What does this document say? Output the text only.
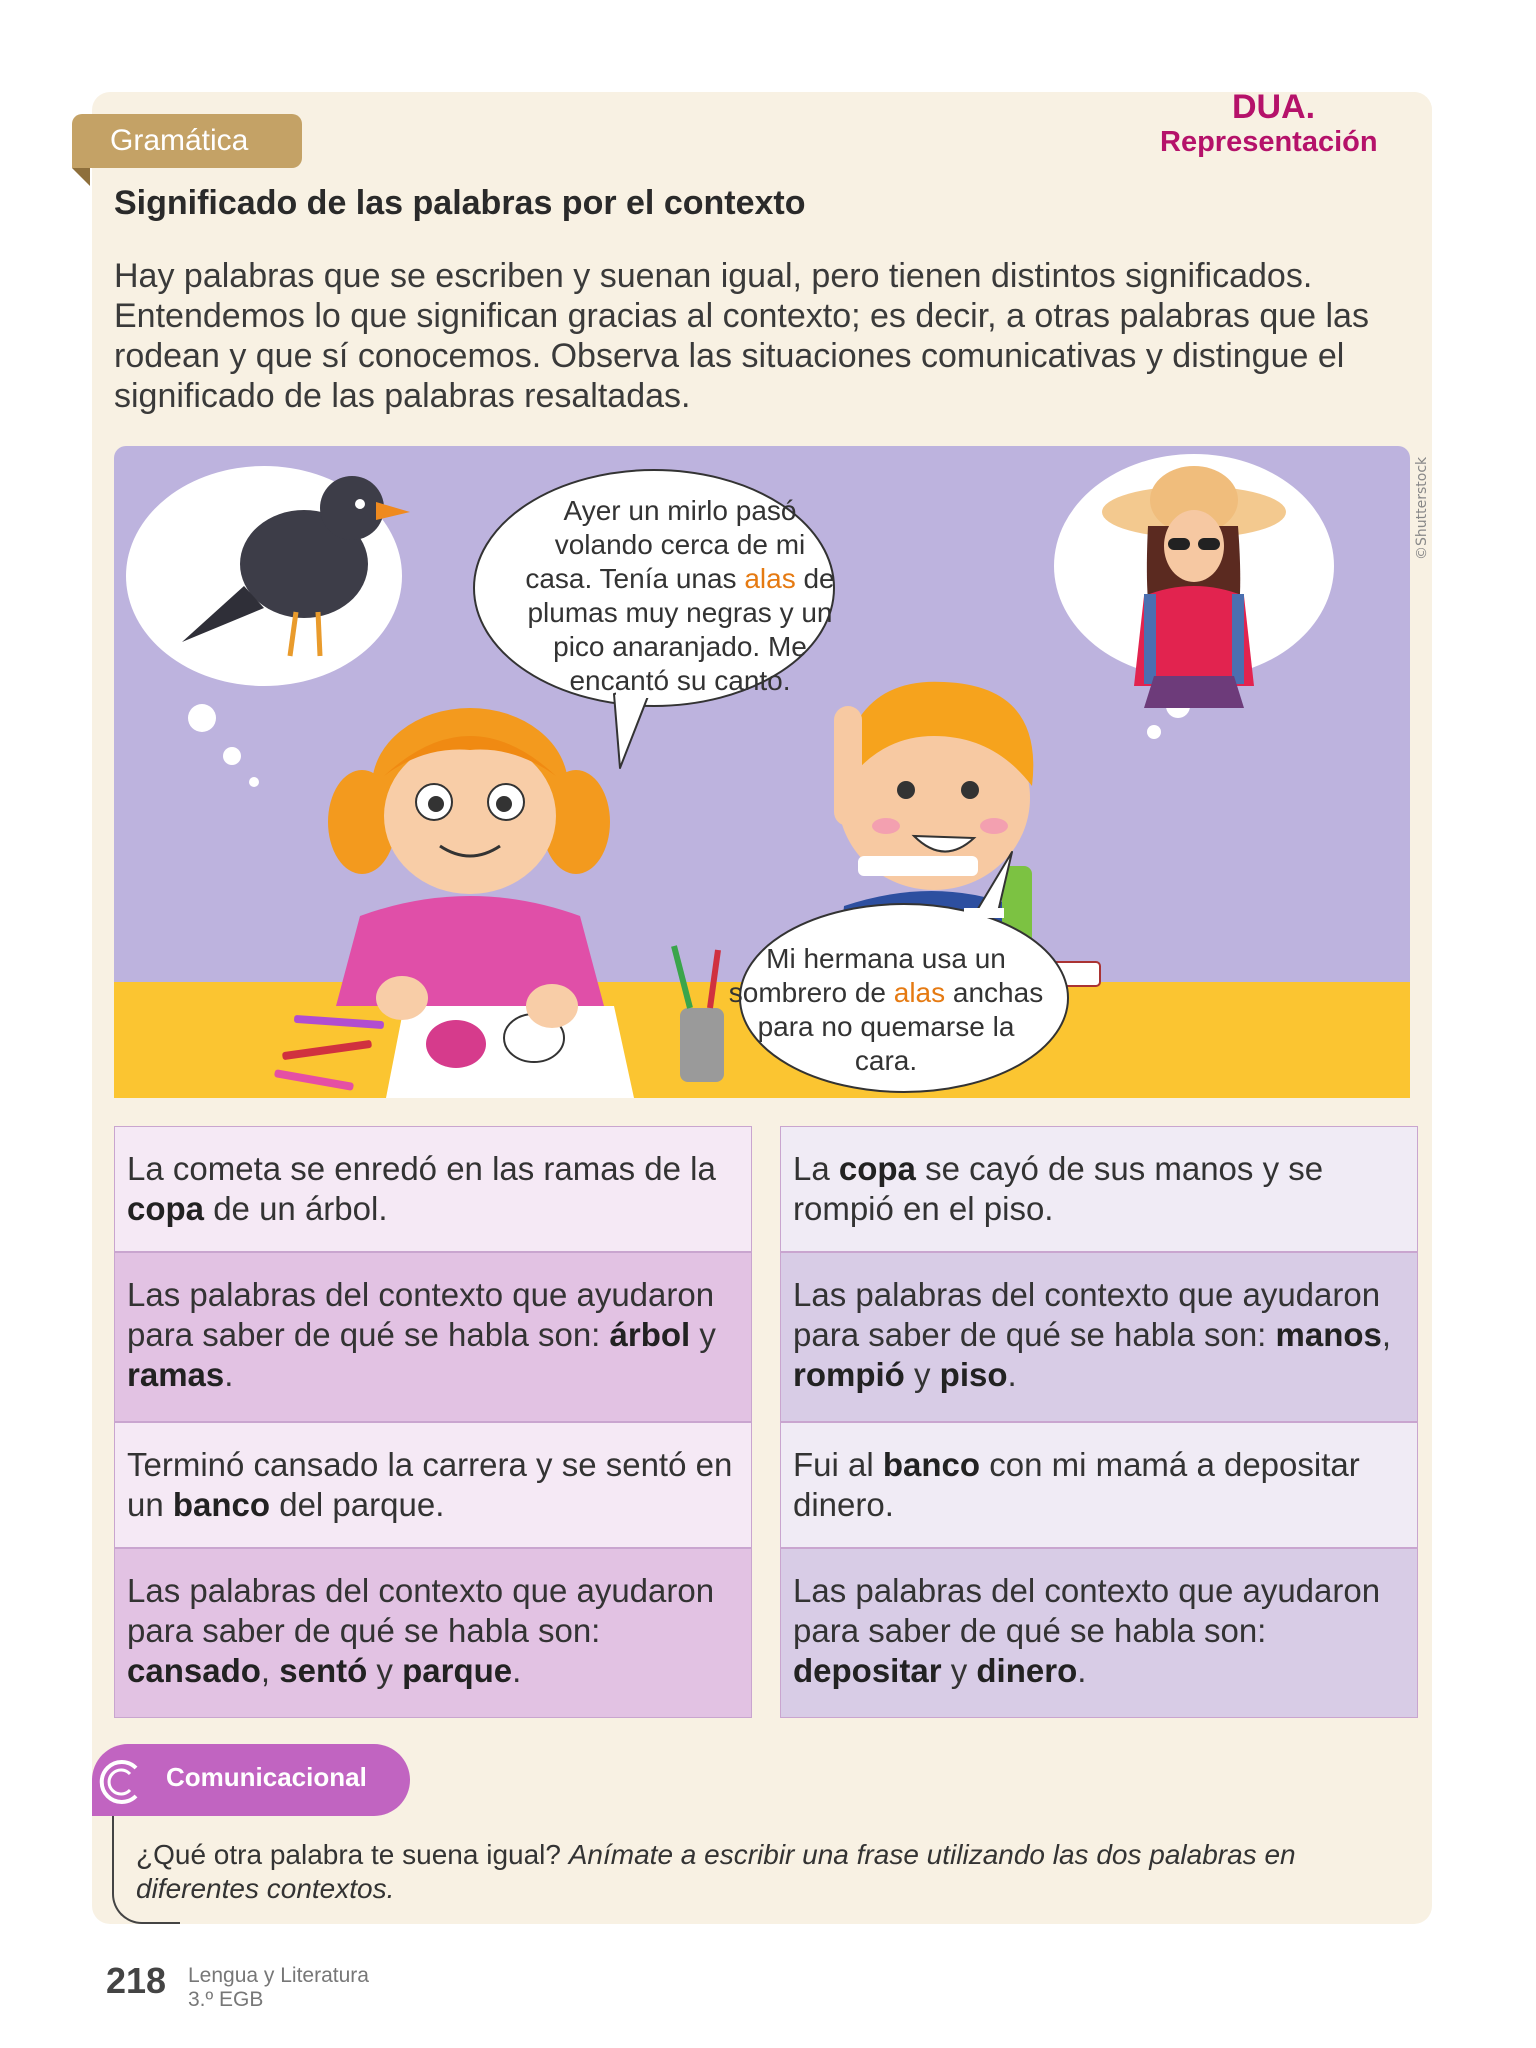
Gramática
DUA.
Representación
Significado de las palabras por el contexto
Hay palabras que se escriben y suenan igual, pero tienen distintos significados. Entendemos lo que significan gracias al contexto; es decir, a otras palabras que las rodean y que sí conocemos. Observa las situaciones comunicativas y distingue el significado de las palabras resaltadas.
©Shutterstock
Ayer un mirlo pasó volando cerca de mi casa. Tenía unas alas de plumas muy negras y un pico anaranjado. Me encantó su canto.
Mi hermana usa un sombrero de alas anchas para no quemarse la cara.
La cometa se enredó en las ramas de la copa de un árbol.
Las palabras del contexto que ayudaron para saber de qué se habla son: árbol y ramas.
Terminó cansado la carrera y se sentó en un banco del parque.
Las palabras del contexto que ayudaron para saber de qué se habla son: cansado, sentó y parque.
La copa se cayó de sus manos y se rompió en el piso.
Las palabras del contexto que ayudaron para saber de qué se habla son: manos, rompió y piso.
Fui al banco con mi mamá a depositar dinero.
Las palabras del contexto que ayudaron para saber de qué se habla son: depositar y dinero.
Comunicacional
¿Qué otra palabra te suena igual? Anímate a escribir una frase utilizando las dos palabras en diferentes contextos.
218 Lengua y Literatura
3.º EGB
